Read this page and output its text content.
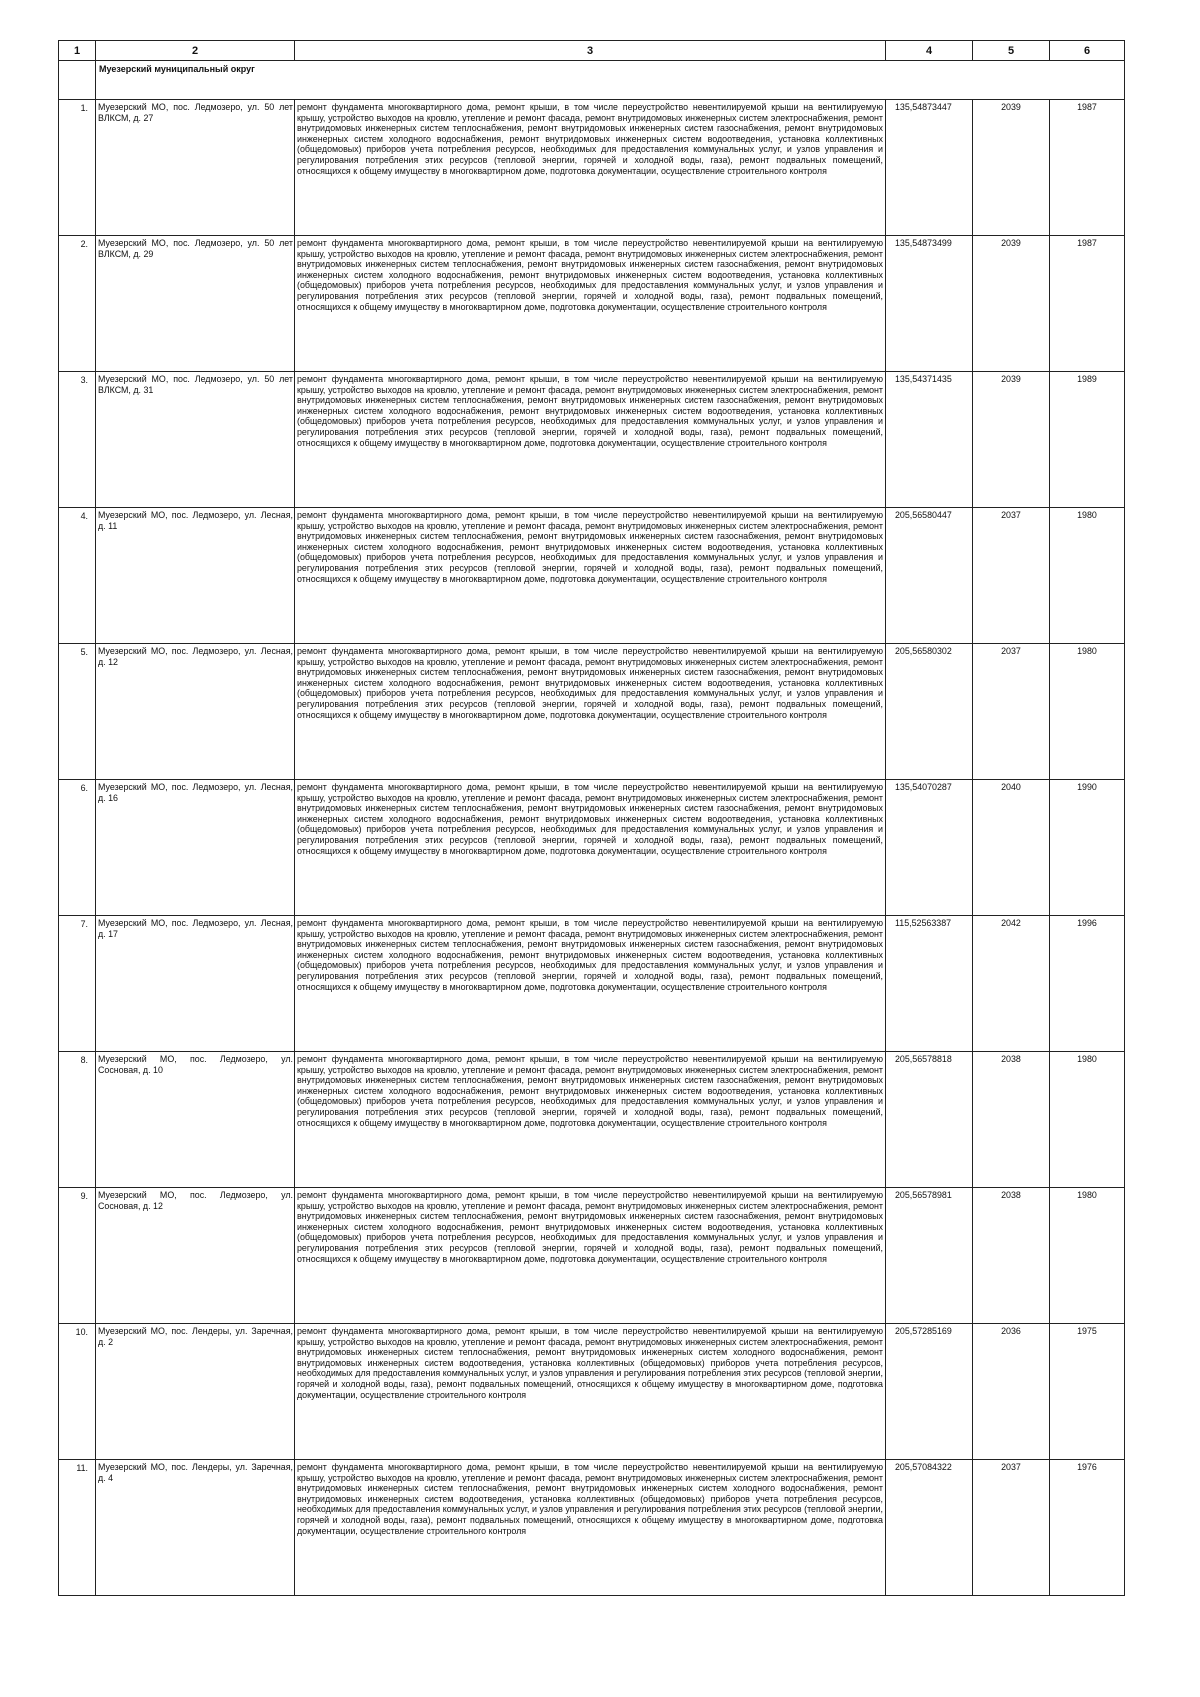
1	2	3	4	5	6

	Муезерский муниципальный округ				

1.	Муезерский МО, пос. Ледмозеро, ул. 50 лет ВЛКСМ, д. 27	ремонт фундамента многоквартирного дома, ремонт крыши, в том числе переустройство невентилируемой крыши на вентилируемую крышу, устройство выходов на кровлю, утепление и ремонт фасада, ремонт внутридомовых инженерных систем электроснабжения, ремонт внутридомовых инженерных систем теплоснабжения, ремонт внутридомовых инженерных систем газоснабжения, ремонт внутридомовых инженерных систем холодного водоснабжения, ремонт внутридомовых инженерных систем водоотведения, установка коллективных (общедомовых) приборов учета потребления ресурсов, необходимых для предоставления коммунальных услуг, и узлов управления и регулирования потребления этих ресурсов (тепловой энергии, горячей и холодной воды, газа), ремонт подвальных помещений, относящихся к общему имуществу в многоквартирном доме, подготовка документации, осуществление строительного контроля	135,54873447	2039	1987
2.	Муезерский МО, пос. Ледмозеро, ул. 50 лет ВЛКСМ, д. 29	ремонт фундамента многоквартирного дома, ремонт крыши, в том числе переустройство невентилируемой крыши на вентилируемую крышу, устройство выходов на кровлю, утепление и ремонт фасада, ремонт внутридомовых инженерных систем электроснабжения, ремонт внутридомовых инженерных систем теплоснабжения, ремонт внутридомовых инженерных систем газоснабжения, ремонт внутридомовых инженерных систем холодного водоснабжения, ремонт внутридомовых инженерных систем водоотведения, установка коллективных (общедомовых) приборов учета потребления ресурсов, необходимых для предоставления коммунальных услуг, и узлов управления и регулирования потребления этих ресурсов (тепловой энергии, горячей и холодной воды, газа), ремонт подвальных помещений, относящихся к общему имуществу в многоквартирном доме, подготовка документации, осуществление строительного контроля	135,54873499	2039	1987
3.	Муезерский МО, пос. Ледмозеро, ул. 50 лет ВЛКСМ, д. 31	ремонт фундамента многоквартирного дома, ремонт крыши, в том числе переустройство невентилируемой крыши на вентилируемую крышу, устройство выходов на кровлю, утепление и ремонт фасада, ремонт внутридомовых инженерных систем электроснабжения, ремонт внутридомовых инженерных систем теплоснабжения, ремонт внутридомовых инженерных систем газоснабжения, ремонт внутридомовых инженерных систем холодного водоснабжения, ремонт внутридомовых инженерных систем водоотведения, установка коллективных (общедомовых) приборов учета потребления ресурсов, необходимых для предоставления коммунальных услуг, и узлов управления и регулирования потребления этих ресурсов (тепловой энергии, горячей и холодной воды, газа), ремонт подвальных помещений, относящихся к общему имуществу в многоквартирном доме, подготовка документации, осуществление строительного контроля	135,54371435	2039	1989
4.	Муезерский МО, пос. Ледмозеро, ул. Лесная, д. 11	ремонт фундамента многоквартирного дома, ремонт крыши, в том числе переустройство невентилируемой крыши на вентилируемую крышу, устройство выходов на кровлю, утепление и ремонт фасада, ремонт внутридомовых инженерных систем электроснабжения, ремонт внутридомовых инженерных систем теплоснабжения, ремонт внутридомовых инженерных систем газоснабжения, ремонт внутридомовых инженерных систем холодного водоснабжения, ремонт внутридомовых инженерных систем водоотведения, установка коллективных (общедомовых) приборов учета потребления ресурсов, необходимых для предоставления коммунальных услуг, и узлов управления и регулирования потребления этих ресурсов (тепловой энергии, горячей и холодной воды, газа), ремонт подвальных помещений, относящихся к общему имуществу в многоквартирном доме, подготовка документации, осуществление строительного контроля	205,56580447	2037	1980
5.	Муезерский МО, пос. Ледмозеро, ул. Лесная, д. 12	ремонт фундамента многоквартирного дома, ремонт крыши, в том числе переустройство невентилируемой крыши на вентилируемую крышу, устройство выходов на кровлю, утепление и ремонт фасада, ремонт внутридомовых инженерных систем электроснабжения, ремонт внутридомовых инженерных систем теплоснабжения, ремонт внутридомовых инженерных систем газоснабжения, ремонт внутридомовых инженерных систем холодного водоснабжения, ремонт внутридомовых инженерных систем водоотведения, установка коллективных (общедомовых) приборов учета потребления ресурсов, необходимых для предоставления коммунальных услуг, и узлов управления и регулирования потребления этих ресурсов (тепловой энергии, горячей и холодной воды, газа), ремонт подвальных помещений, относящихся к общему имуществу в многоквартирном доме, подготовка документации, осуществление строительного контроля	205,56580302	2037	1980
6.	Муезерский МО, пос. Ледмозеро, ул. Лесная, д. 16	ремонт фундамента многоквартирного дома, ремонт крыши, в том числе переустройство невентилируемой крыши на вентилируемую крышу, устройство выходов на кровлю, утепление и ремонт фасада, ремонт внутридомовых инженерных систем электроснабжения, ремонт внутридомовых инженерных систем теплоснабжения, ремонт внутридомовых инженерных систем газоснабжения, ремонт внутридомовых инженерных систем холодного водоснабжения, ремонт внутридомовых инженерных систем водоотведения, установка коллективных (общедомовых) приборов учета потребления ресурсов, необходимых для предоставления коммунальных услуг, и узлов управления и регулирования потребления этих ресурсов (тепловой энергии, горячей и холодной воды, газа), ремонт подвальных помещений, относящихся к общему имуществу в многоквартирном доме, подготовка документации, осуществление строительного контроля	135,54070287	2040	1990
7.	Муезерский МО, пос. Ледмозеро, ул. Лесная, д. 17	ремонт фундамента многоквартирного дома, ремонт крыши, в том числе переустройство невентилируемой крыши на вентилируемую крышу, устройство выходов на кровлю, утепление и ремонт фасада, ремонт внутридомовых инженерных систем электроснабжения, ремонт внутридомовых инженерных систем теплоснабжения, ремонт внутридомовых инженерных систем газоснабжения, ремонт внутридомовых инженерных систем холодного водоснабжения, ремонт внутридомовых инженерных систем водоотведения, установка коллективных (общедомовых) приборов учета потребления ресурсов, необходимых для предоставления коммунальных услуг, и узлов управления и регулирования потребления этих ресурсов (тепловой энергии, горячей и холодной воды, газа), ремонт подвальных помещений, относящихся к общему имуществу в многоквартирном доме, подготовка документации, осуществление строительного контроля	115,52563387	2042	1996
8.	Муезерский МО, пос. Ледмозеро, ул. Сосновая, д. 10	ремонт фундамента многоквартирного дома, ремонт крыши, в том числе переустройство невентилируемой крыши на вентилируемую крышу, устройство выходов на кровлю, утепление и ремонт фасада, ремонт внутридомовых инженерных систем электроснабжения, ремонт внутридомовых инженерных систем теплоснабжения, ремонт внутридомовых инженерных систем газоснабжения, ремонт внутридомовых инженерных систем холодного водоснабжения, ремонт внутридомовых инженерных систем водоотведения, установка коллективных (общедомовых) приборов учета потребления ресурсов, необходимых для предоставления коммунальных услуг, и узлов управления и регулирования потребления этих ресурсов (тепловой энергии, горячей и холодной воды, газа), ремонт подвальных помещений, относящихся к общему имуществу в многоквартирном доме, подготовка документации, осуществление строительного контроля	205,56578818	2038	1980
9.	Муезерский МО, пос. Ледмозеро, ул. Сосновая, д. 12	ремонт фундамента многоквартирного дома, ремонт крыши, в том числе переустройство невентилируемой крыши на вентилируемую крышу, устройство выходов на кровлю, утепление и ремонт фасада, ремонт внутридомовых инженерных систем электроснабжения, ремонт внутридомовых инженерных систем теплоснабжения, ремонт внутридомовых инженерных систем газоснабжения, ремонт внутридомовых инженерных систем холодного водоснабжения, ремонт внутридомовых инженерных систем водоотведения, установка коллективных (общедомовых) приборов учета потребления ресурсов, необходимых для предоставления коммунальных услуг, и узлов управления и регулирования потребления этих ресурсов (тепловой энергии, горячей и холодной воды, газа), ремонт подвальных помещений, относящихся к общему имуществу в многоквартирном доме, подготовка документации, осуществление строительного контроля	205,56578981	2038	1980
10.	Муезерский МО, пос. Лендеры, ул. Заречная, д. 2	ремонт фундамента многоквартирного дома, ремонт крыши, в том числе переустройство невентилируемой крыши на вентилируемую крышу, устройство выходов на кровлю, утепление и ремонт фасада, ремонт внутридомовых инженерных систем электроснабжения, ремонт внутридомовых инженерных систем теплоснабжения, ремонт внутридомовых инженерных систем холодного водоснабжения, ремонт внутридомовых инженерных систем водоотведения, установка коллективных (общедомовых) приборов учета потребления ресурсов, необходимых для предоставления коммунальных услуг, и узлов управления и регулирования потребления этих ресурсов (тепловой энергии, горячей и холодной воды, газа), ремонт подвальных помещений, относящихся к общему имуществу в многоквартирном доме, подготовка документации, осуществление строительного контроля	205,57285169	2036	1975
11.	Муезерский МО, пос. Лендеры, ул. Заречная, д. 4	ремонт фундамента многоквартирного дома, ремонт крыши, в том числе переустройство невентилируемой крыши на вентилируемую крышу, устройство выходов на кровлю, утепление и ремонт фасада, ремонт внутридомовых инженерных систем электроснабжения, ремонт внутридомовых инженерных систем теплоснабжения, ремонт внутридомовых инженерных систем холодного водоснабжения, ремонт внутридомовых инженерных систем водоотведения, установка коллективных (общедомовых) приборов учета потребления ресурсов, необходимых для предоставления коммунальных услуг, и узлов управления и регулирования потребления этих ресурсов (тепловой энергии, горячей и холодной воды, газа), ремонт подвальных помещений, относящихся к общему имуществу в многоквартирном доме, подготовка документации, осуществление строительного контроля	205,57084322	2037	1976
